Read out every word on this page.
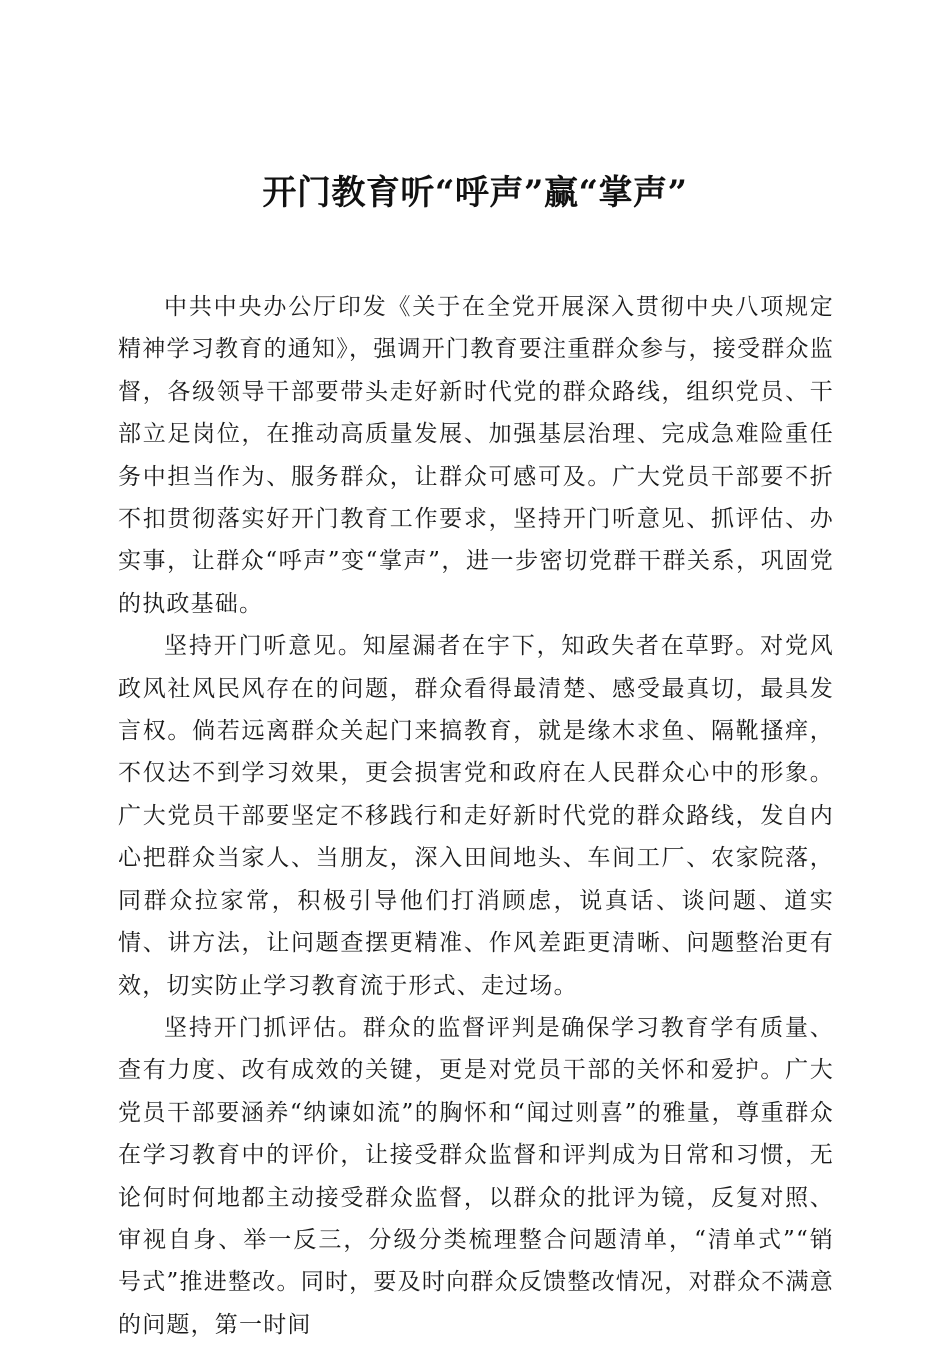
开门教育听“呼声”赢“掌声”

中共中央办公厅印发《关于在全党开展深入贯彻中央八项规定精神学习教育的通知》，强调开门教育要注重群众参与，接受群众监督，各级领导干部要带头走好新时代党的群众路线，组织党员、干部立足岗位，在推动高质量发展、加强基层治理、完成急难险重任务中担当作为、服务群众，让群众可感可及。广大党员干部要不折不扣贯彻落实好开门教育工作要求，坚持开门听意见、抓评估、办实事，让群众“呼声”变“掌声”，进一步密切党群干群关系，巩固党的执政基础。

坚持开门听意见。知屋漏者在宇下，知政失者在草野。对党风政风社风民风存在的问题，群众看得最清楚、感受最真切，最具发言权。倘若远离群众关起门来搞教育，就是缘木求鱼、隔靴搔痒，不仅达不到学习效果，更会损害党和政府在人民群众心中的形象。广大党员干部要坚定不移践行和走好新时代党的群众路线，发自内心把群众当家人、当朋友，深入田间地头、车间工厂、农家院落，同群众拉家常，积极引导他们打消顾虑，说真话、谈问题、道实情、讲方法，让问题查摆更精准、作风差距更清晰、问题整治更有效，切实防止学习教育流于形式、走过场。

坚持开门抓评估。群众的监督评判是确保学习教育学有质量、查有力度、改有成效的关键，更是对党员干部的关怀和爱护。广大党员干部要涵养“纳谏如流”的胸怀和“闻过则喜”的雅量，尊重群众在学习教育中的评价，让接受群众监督和评判成为日常和习惯，无论何时何地都主动接受群众监督，以群众的批评为镜，反复对照、审视自身、举一反三，分级分类梳理整合问题清单，“清单式”“销号式”推进整改。同时，要及时向群众反馈整改情况，对群众不满意的问题，第一时间
